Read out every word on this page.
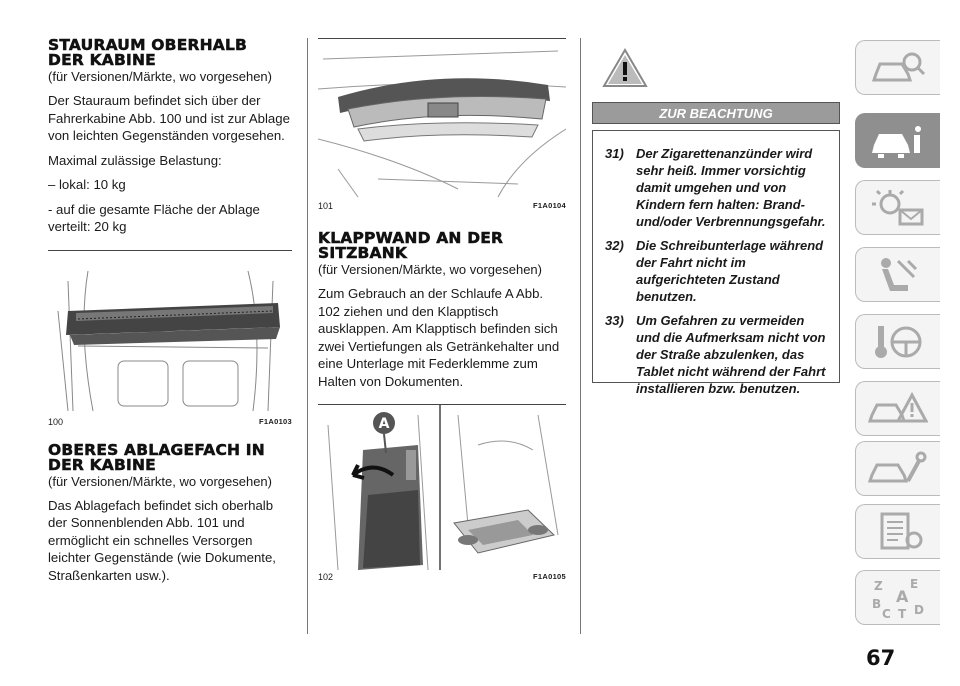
STAURAUM OBERHALB
DER KABINE
(für Versionen/Märkte, wo vorgesehen)

Der Stauraum befindet sich über der Fahrerkabine Abb. 100 und ist zur Ablage von leichten Gegenständen vorgesehen.

Maximal zulässige Belastung:

– lokal: 10 kg

- auf die gesamte Fläche der Ablage verteilt: 20 kg

100	F1A0103
OBERES ABLAGEFACH IN
DER KABINE
(für Versionen/Märkte, wo vorgesehen)

Das Ablagefach befindet sich oberhalb der Sonnenblenden Abb. 101 und ermöglicht ein schnelles Versorgen leichter Gegenstände (wie Dokumente, Straßenkarten usw.).

101	F1A0104
KLAPPWAND AN DER
SITZBANK
(für Versionen/Märkte, wo vorgesehen)

Zum Gebrauch an der Schlaufe A Abb. 102 ziehen und den Klapptisch ausklappen. Am Klapptisch befinden sich zwei Vertiefungen als Getränkehalter und eine Unterlage mit Federklemme zum Halten von Dokumenten.

A
102	F1A0105
ZUR BEACHTUNG
31) Der Zigarettenanzünder wird sehr heiß. Immer vorsichtig damit umgehen und von Kindern fern halten: Brand- und/oder Verbrennungsgefahr.
32) Die Schreibunterlage während der Fahrt nicht im aufgerichteten Zustand benutzen.
33) Um Gefahren zu vermeiden und die Aufmerksam nicht von der Straße abzulenken, das Tablet nicht während der Fahrt installieren bzw. benutzen.
Z E
A
B
C T D
67
